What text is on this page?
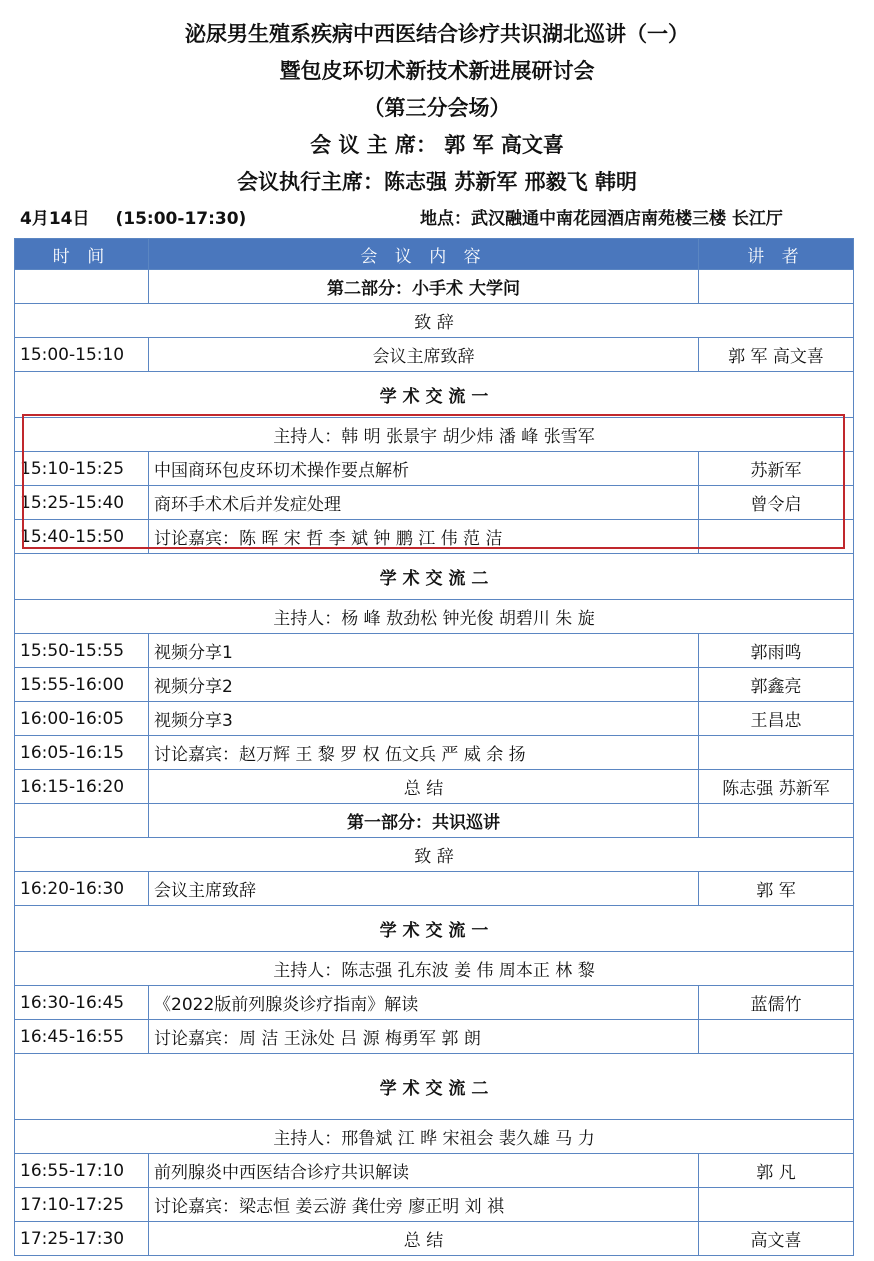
泌尿男生殖系疾病中西医结合诊疗共识湖北巡讲（一）
暨包皮环切术新技术新进展研讨会
（第三分会场）
会 议 主 席： 郭 军 高文喜
会议执行主席：陈志强 苏新军 邢毅飞 韩明
4月14日 (15:00-17:30)	地点：武汉融通中南花园酒店南苑楼三楼 长江厅
时 间	会 议 内 容	讲 者
	第二部分：小手术 大学问	
致 辞		
15:00-15:10	会议主席致辞	郭 军 高文喜
学 术 交 流 一		
主持人：韩 明 张景宇 胡少炜 潘 峰 张雪军		
15:10-15:25	中国商环包皮环切术操作要点解析	苏新军
15:25-15:40	商环手术术后并发症处理	曾令启
15:40-15:50	讨论嘉宾：陈 晖 宋 哲 李 斌 钟 鹏 江 伟 范 洁	
学 术 交 流 二		
主持人：杨 峰 敖劲松 钟光俊 胡碧川 朱 旋		
15:50-15:55	视频分享1	郭雨鸣
15:55-16:00	视频分享2	郭鑫亮
16:00-16:05	视频分享3	王昌忠
16:05-16:15	讨论嘉宾：赵万辉 王 黎 罗 权 伍文兵 严 威 余 扬	
16:15-16:20	总 结	陈志强 苏新军
	第一部分：共识巡讲	
致 辞		
16:20-16:30	会议主席致辞	郭 军
学 术 交 流 一		
主持人：陈志强 孔东波 姜 伟 周本正 林 黎		
16:30-16:45	《2022版前列腺炎诊疗指南》解读	蓝儒竹
16:45-16:55	讨论嘉宾：周 洁 王泳处 吕 源 梅勇军 郭 朗	
学 术 交 流 二		
主持人：邢鲁斌 江 晔 宋祖会 裴久雄 马 力		
16:55-17:10	前列腺炎中西医结合诊疗共识解读	郭 凡
17:10-17:25	讨论嘉宾：梁志恒 姜云游 龚仕旁 廖正明 刘 祺	
17:25-17:30	总 结	高文喜
